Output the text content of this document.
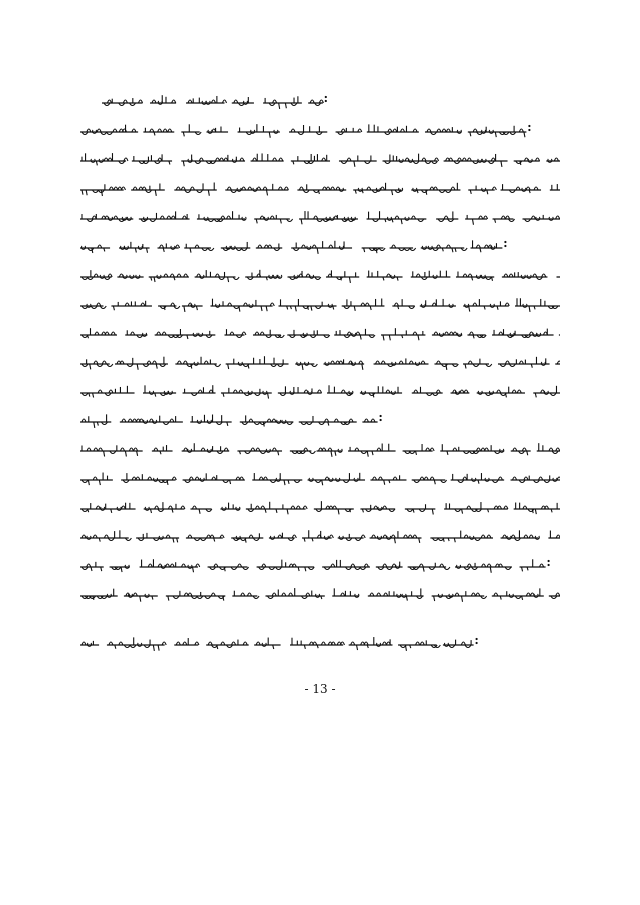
- 13 -
